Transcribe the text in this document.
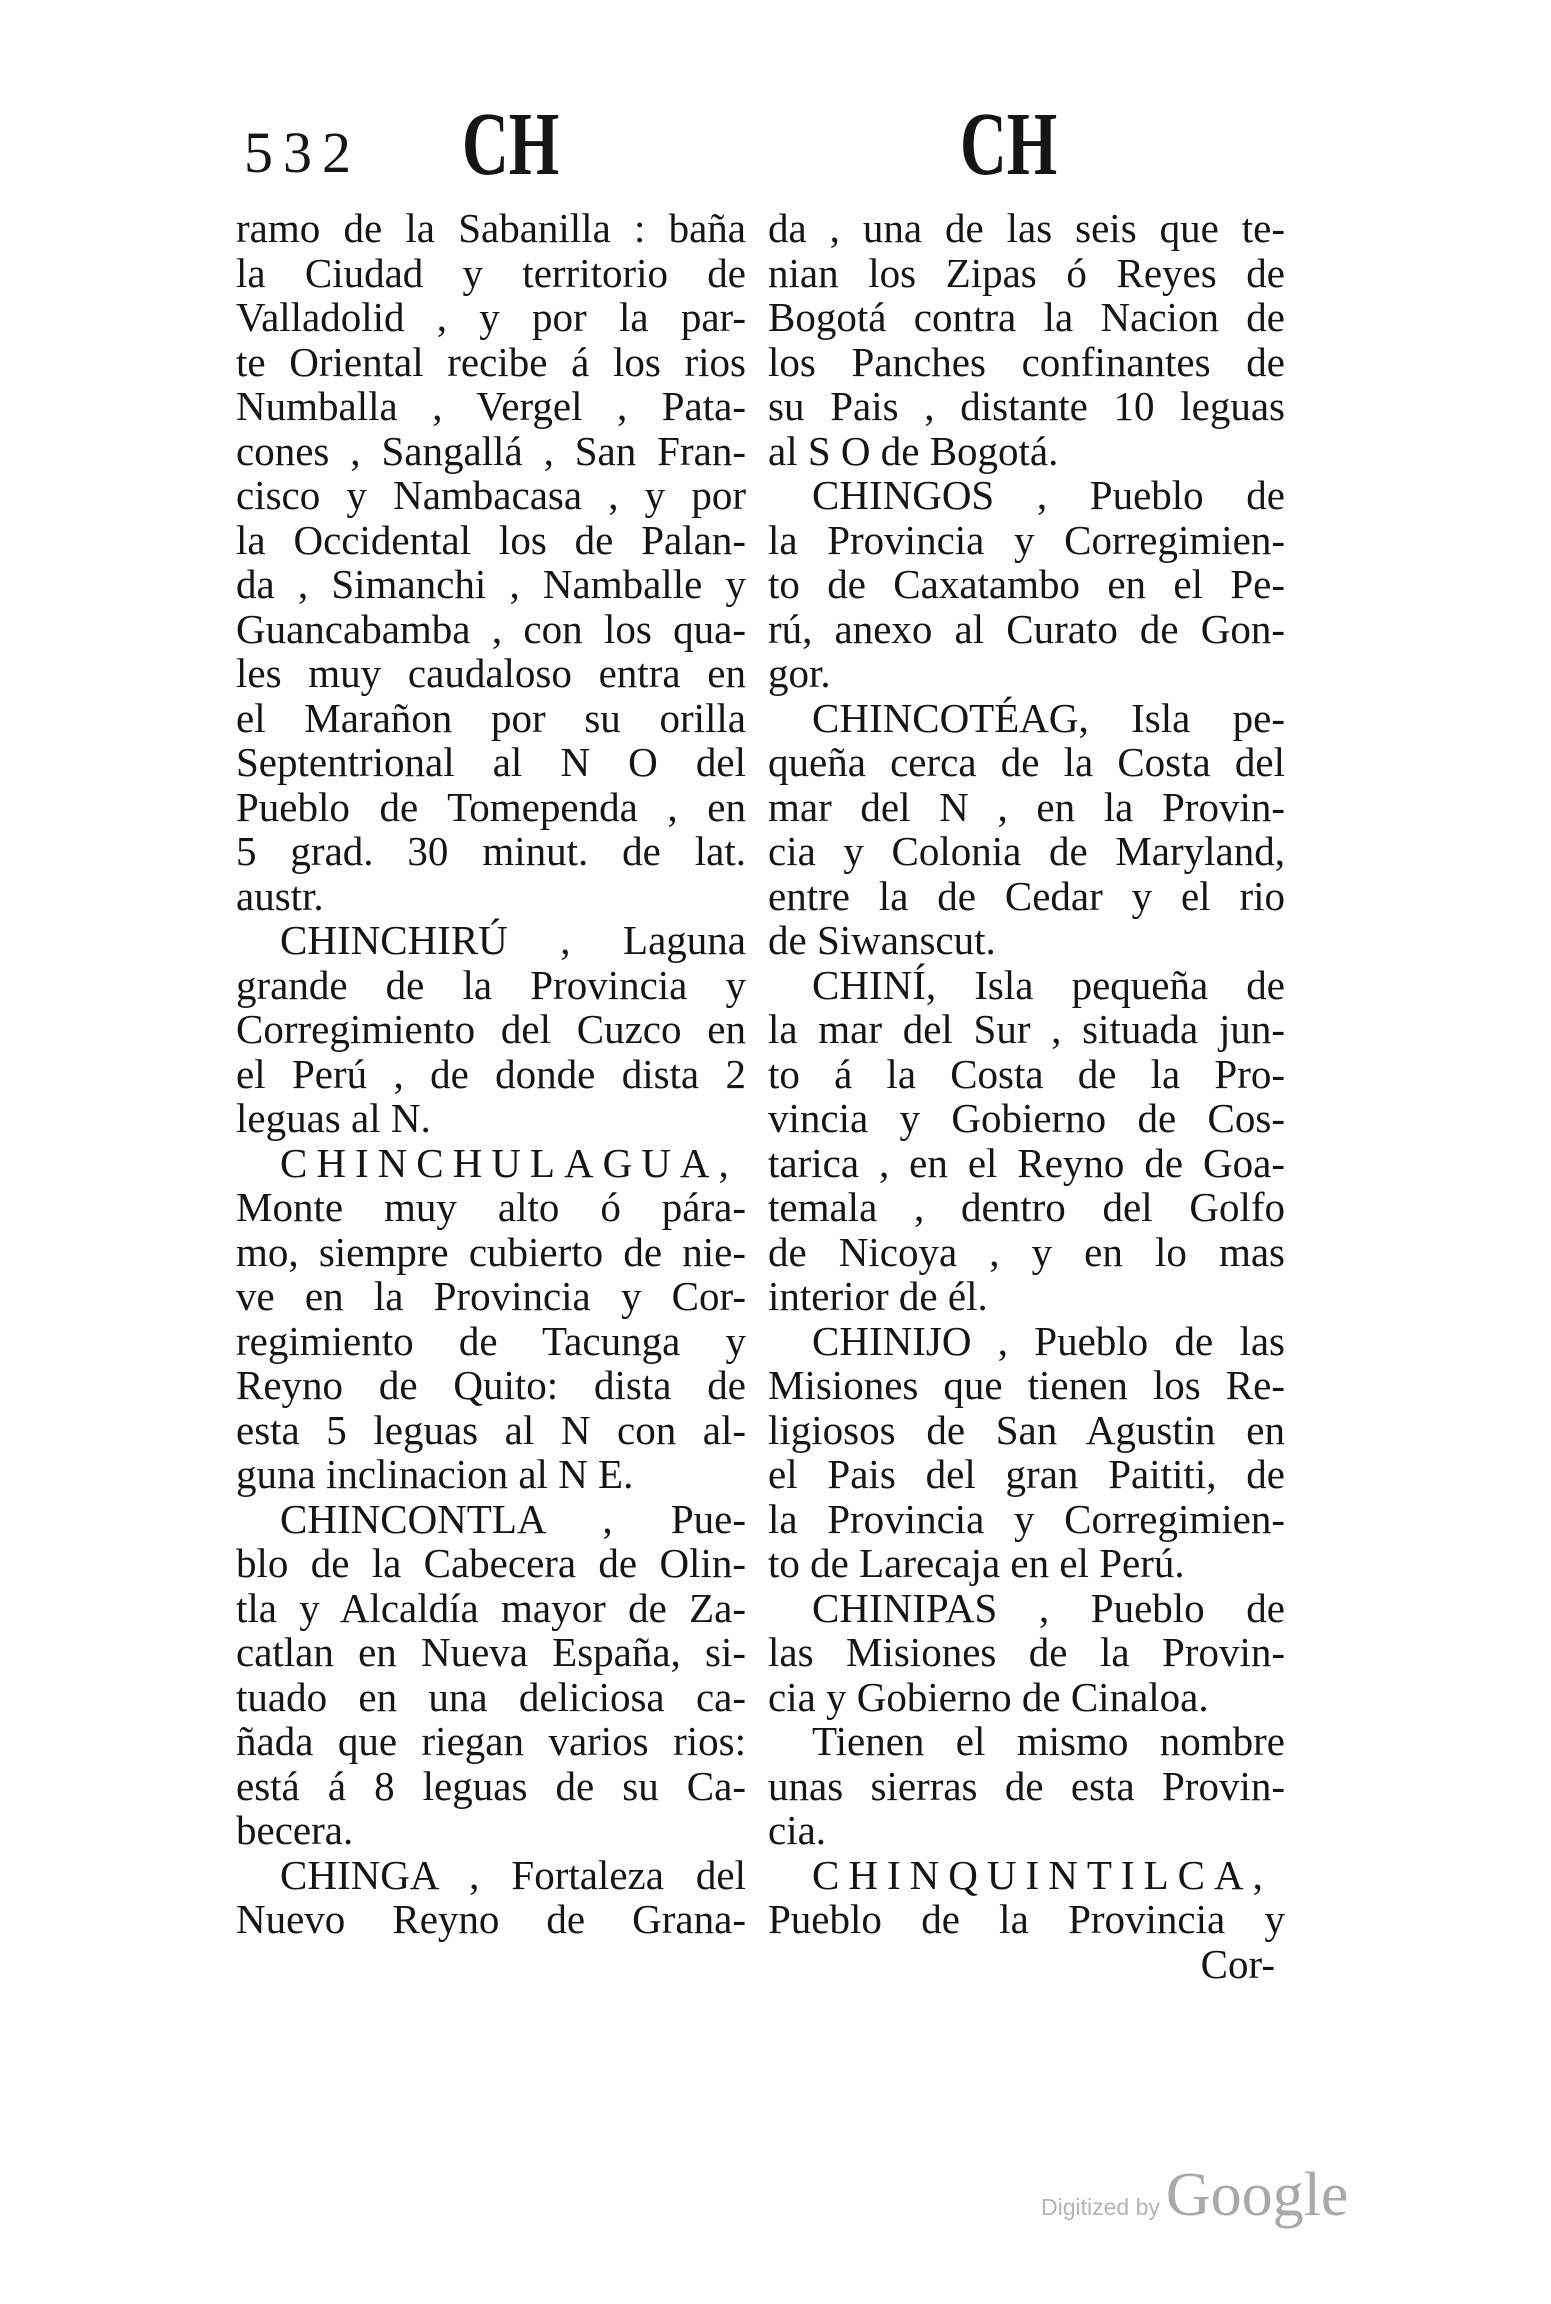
532 CH	CH
ramo de la Sabanilla : baña
la Ciudad y territorio de
Valladolid , y por la par-
te Oriental recibe á los rios
Numballa , Vergel , Pata-
cones , Sangallá , San Fran-
cisco y Nambacasa , y por
la Occidental los de Palan-
da , Simanchi , Namballe y
Guancabamba , con los qua-
les muy caudaloso entra en
el Marañon por su orilla
Septentrional al N O del
Pueblo de Tomependa , en
5 grad. 30 minut. de lat.
austr.
CHINCHIRÚ , Laguna
grande de la Provincia y
Corregimiento del Cuzco en
el Perú , de donde dista 2
leguas al N.
CHINCHULAGUA,
Monte muy alto ó pára-
mo, siempre cubierto de nie-
ve en la Provincia y Cor-
regimiento de Tacunga y
Reyno de Quito: dista de
esta 5 leguas al N con al-
guna inclinacion al N E.
CHINCONTLA , Pue-
blo de la Cabecera de Olin-
tla y Alcaldía mayor de Za-
catlan en Nueva España, si-
tuado en una deliciosa ca-
ñada que riegan varios rios:
está á 8 leguas de su Ca-
becera.
CHINGA , Fortaleza del
Nuevo Reyno de Grana-
da , una de las seis que te-
nian los Zipas ó Reyes de
Bogotá contra la Nacion de
los Panches confinantes de
su Pais , distante 10 leguas
al S O de Bogotá.
CHINGOS , Pueblo de
la Provincia y Corregimien-
to de Caxatambo en el Pe-
rú, anexo al Curato de Gon-
gor.
CHINCOTÉAG, Isla pe-
queña cerca de la Costa del
mar del N , en la Provin-
cia y Colonia de Maryland,
entre la de Cedar y el rio
de Siwanscut.
CHINÍ, Isla pequeña de
la mar del Sur , situada jun-
to á la Costa de la Pro-
vincia y Gobierno de Cos-
tarica , en el Reyno de Goa-
temala , dentro del Golfo
de Nicoya , y en lo mas
interior de él.
CHINIJO , Pueblo de las
Misiones que tienen los Re-
ligiosos de San Agustin en
el Pais del gran Paititi, de
la Provincia y Corregimien-
to de Larecaja en el Perú.
CHINIPAS , Pueblo de
las Misiones de la Provin-
cia y Gobierno de Cinaloa.
Tienen el mismo nombre
unas sierras de esta Provin-
cia.
CHINQUINTILCA,
Pueblo de la Provincia y
Cor-
Digitized by Google
